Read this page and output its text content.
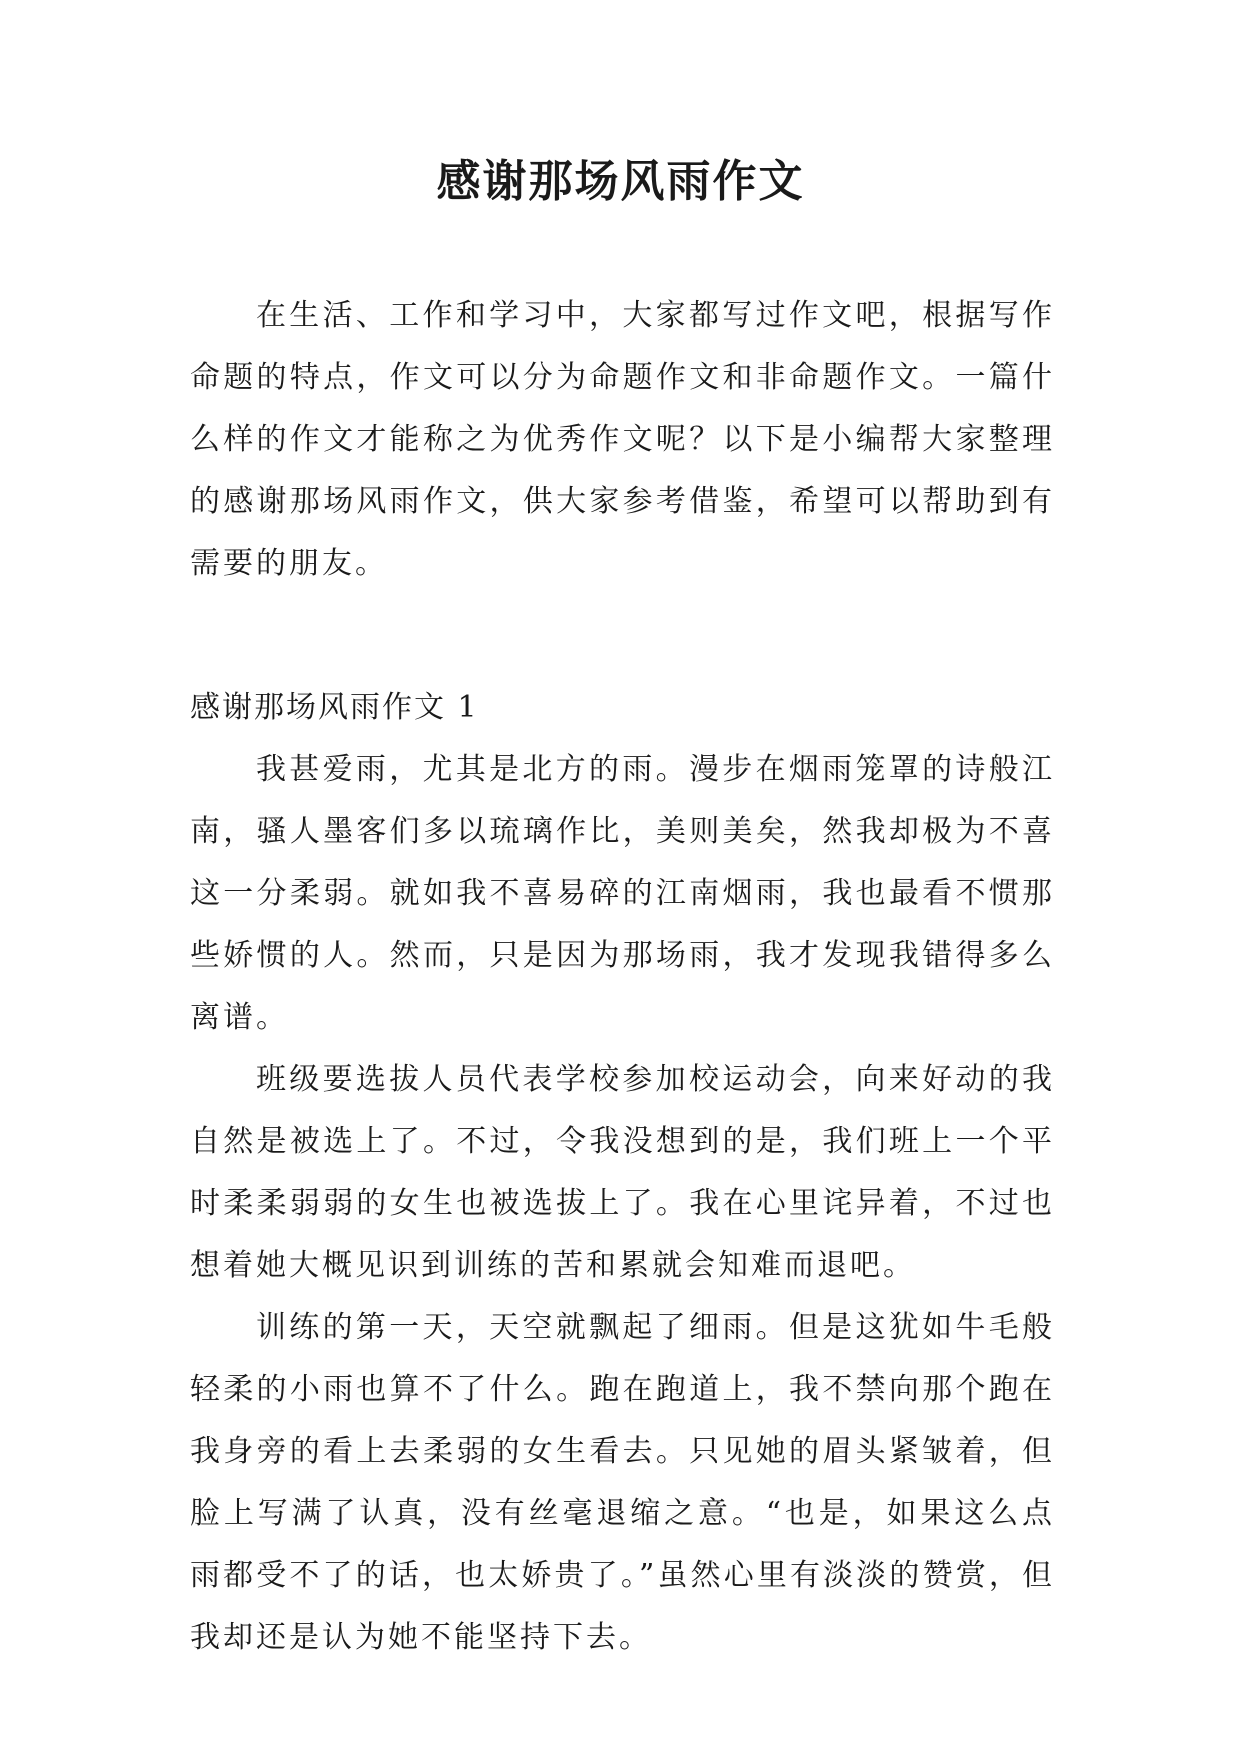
感谢那场风雨作文

在生活、工作和学习中，大家都写过作文吧，根据写作命题的特点，作文可以分为命题作文和非命题作文。一篇什么样的作文才能称之为优秀作文呢？以下是小编帮大家整理的感谢那场风雨作文，供大家参考借鉴，希望可以帮助到有需要的朋友。

感谢那场风雨作文 1

我甚爱雨，尤其是北方的雨。漫步在烟雨笼罩的诗般江南，骚人墨客们多以琉璃作比，美则美矣，然我却极为不喜这一分柔弱。就如我不喜易碎的江南烟雨，我也最看不惯那些娇惯的人。然而，只是因为那场雨，我才发现我错得多么离谱。

班级要选拔人员代表学校参加校运动会，向来好动的我自然是被选上了。不过，令我没想到的是，我们班上一个平时柔柔弱弱的女生也被选拔上了。我在心里诧异着，不过也想着她大概见识到训练的苦和累就会知难而退吧。

训练的第一天，天空就飘起了细雨。但是这犹如牛毛般轻柔的小雨也算不了什么。跑在跑道上，我不禁向那个跑在我身旁的看上去柔弱的女生看去。只见她的眉头紧皱着，但脸上写满了认真，没有丝毫退缩之意。“也是，如果这么点雨都受不了的话，也太娇贵了。”虽然心里有淡淡的赞赏，但我却还是认为她不能坚持下去。
